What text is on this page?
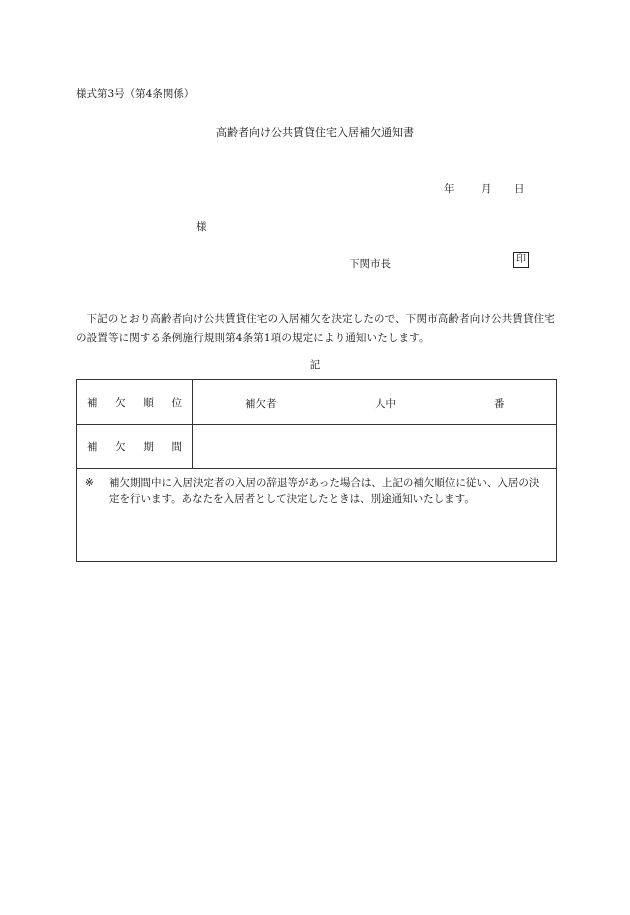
様式第3号（第4条関係）
高齢者向け公共賃貸住宅入居補欠通知書
年	月 日
様
下関市長	印

下記のとおり高齢者向け公共賃貸住宅の入居補欠を決定したので、下関市高齢者向け公共賃貸住宅の設置等に関する条例施行規則第4条第1項の規定により通知いたします。

記
補　欠　順　位	補欠者 人中 番

補　欠　期　間	

※ 補欠期間中に入居決定者の入居の辞退等があった場合は、上記の補欠順位に従い、入居の決定を行います。あなたを入居者として決定したときは、別途通知いたします。	
